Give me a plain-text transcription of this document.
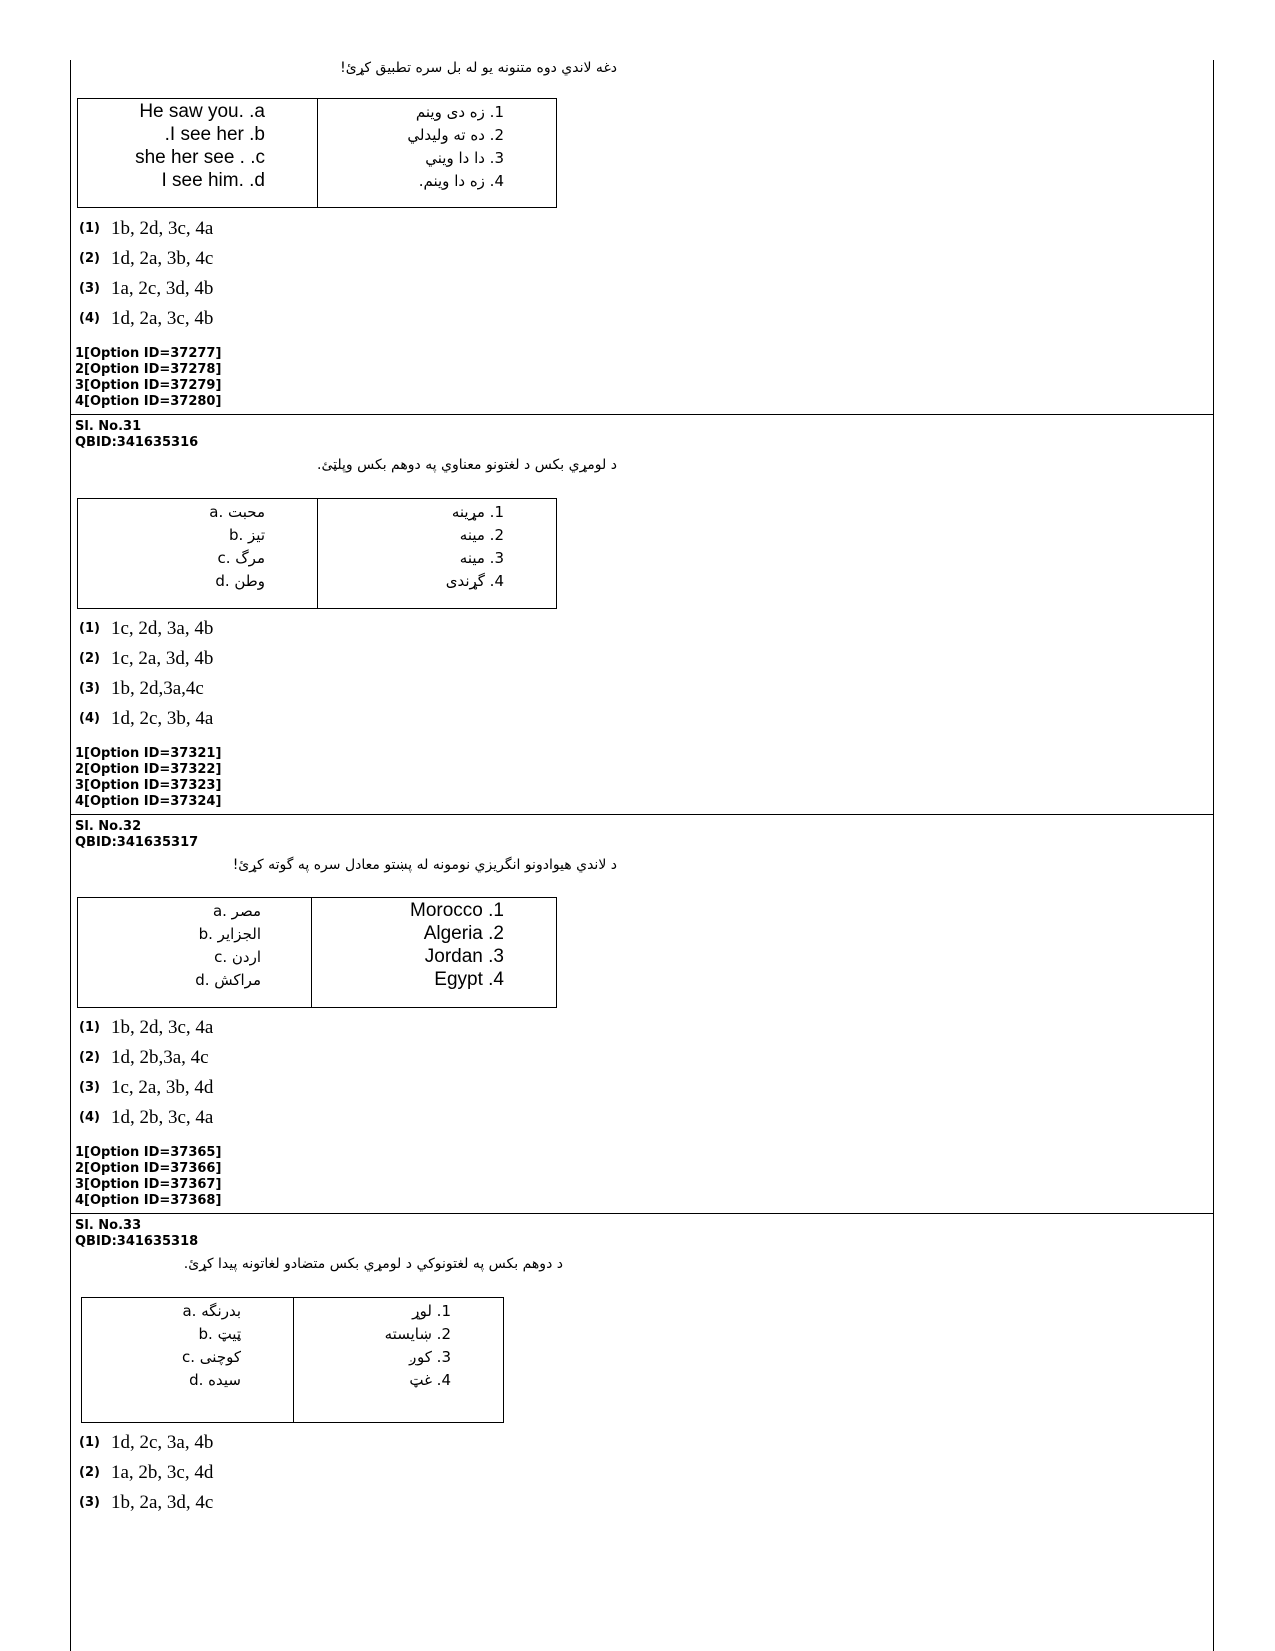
دغه لاندي دوه متنونه يو له بل سره تطبيق کړئ!
He saw you. .a
.I see her .b
she her see . .c
I see him. .d
1. زه دی وينم
2. ده ته وليدلي
3. دا دا ويني
4. زه دا وينم.
(1) 1b, 2d, 3c, 4a
(2) 1d, 2a, 3b, 4c
(3) 1a, 2c, 3d, 4b
(4) 1d, 2a, 3c, 4b
1[Option ID=37277]
2[Option ID=37278]
3[Option ID=37279]
4[Option ID=37280]
Sl. No.31
QBID:341635316
د لومړي بکس د لغتونو معناوي په دوهم بکس وپلټئ.
a. محبت
b. تيز
c. مرگ
d. وطن
1. مړينه
2. مينه
3. مينه
4. گړندی
(1) 1c, 2d, 3a, 4b
(2) 1c, 2a, 3d, 4b
(3) 1b, 2d,3a,4c
(4) 1d, 2c, 3b, 4a
1[Option ID=37321]
2[Option ID=37322]
3[Option ID=37323]
4[Option ID=37324]
Sl. No.32
QBID:341635317
د لاندي هيوادونو انگريزي نومونه له پښتو معادل سره په گوته کړئ!
a. مصر
b. الجزاير
c. اردن
d. مراکش
Morocco .1
Algeria .2
Jordan .3
Egypt .4
(1) 1b, 2d, 3c, 4a
(2) 1d, 2b,3a, 4c
(3) 1c, 2a, 3b, 4d
(4) 1d, 2b, 3c, 4a
1[Option ID=37365]
2[Option ID=37366]
3[Option ID=37367]
4[Option ID=37368]
Sl. No.33
QBID:341635318
د دوهم بکس په لغتونوکي د لومړي بکس متضادو لغاتونه پيدا کړئ.
a. بدرنگه
b. ټيټ
c. کوچنی
d. سيده
1. لوړ
2. ښايسته
3. کوږ
4. غټ
(1) 1d, 2c, 3a, 4b
(2) 1a, 2b, 3c, 4d
(3) 1b, 2a, 3d, 4c
